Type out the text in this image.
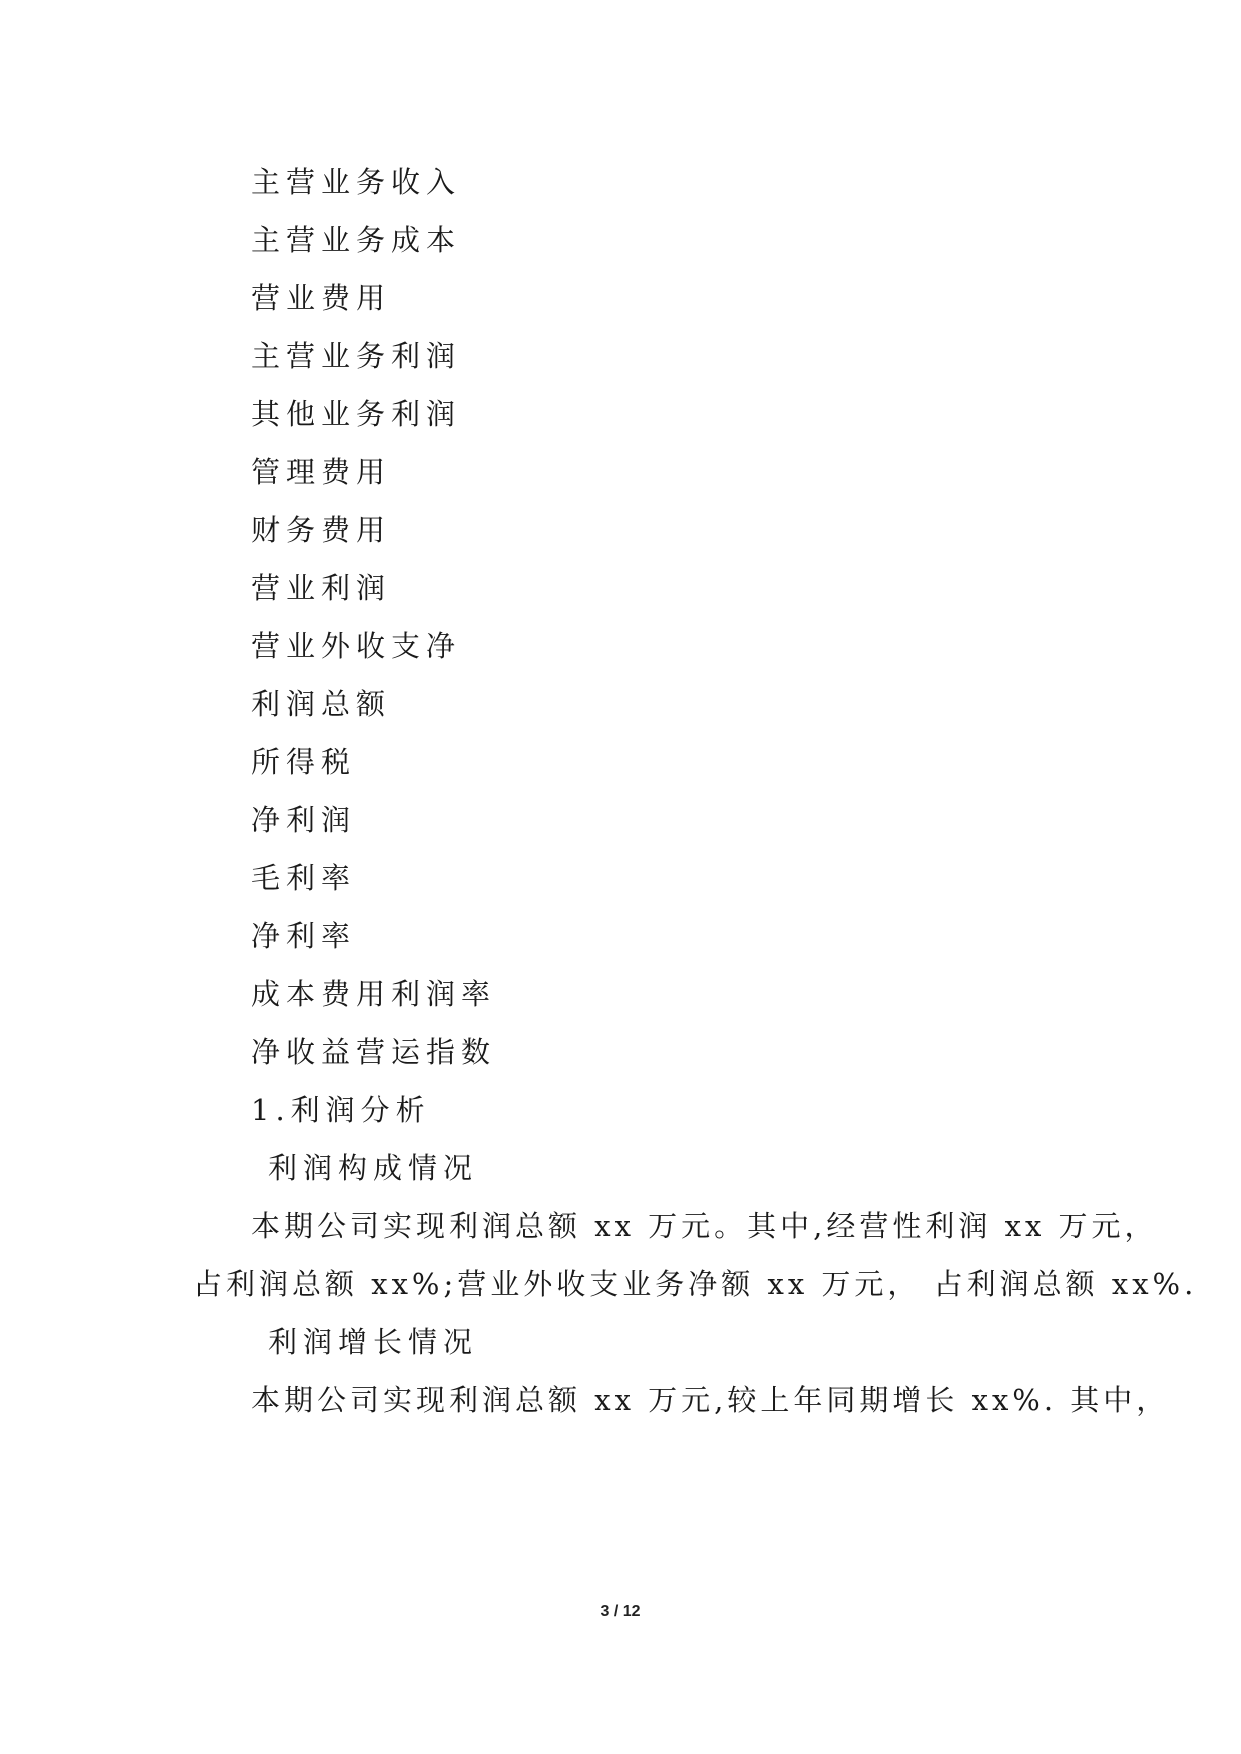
主营业务收入
主营业务成本
营业费用
主营业务利润
其他业务利润
管理费用
财务费用
营业利润
营业外收支净
利润总额
所得税
净利润
毛利率
净利率
成本费用利润率
净收益营运指数
1.利润分析
利润构成情况
本期公司实现利润总额 xx 万元。其中,经营性利润 xx 万元，
占利润总额 xx%;营业外收支业务净额 xx 万元， 占利润总额 xx%.
利润增长情况
本期公司实现利润总额 xx 万元,较上年同期增长 xx%. 其中，
3 / 12
